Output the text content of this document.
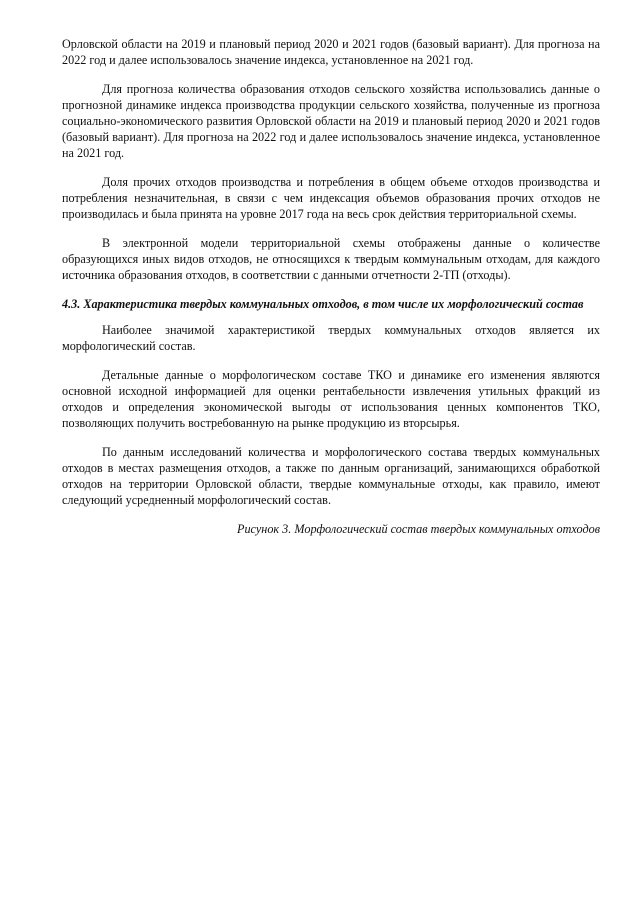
Орловской области на 2019 и плановый период 2020 и 2021 годов (базовый вариант). Для прогноза на 2022 год и далее использовалось значение индекса, установленное на 2021 год.

Для прогноза количества образования отходов сельского хозяйства использовались данные о прогнозной динамике индекса производства продукции сельского хозяйства, полученные из прогноза социально-экономического развития Орловской области на 2019 и плановый период 2020 и 2021 годов (базовый вариант). Для прогноза на 2022 год и далее использовалось значение индекса, установленное на 2021 год.

Доля прочих отходов производства и потребления в общем объеме отходов производства и потребления незначительная, в связи с чем индексация объемов образования прочих отходов не производилась и была принята на уровне 2017 года на весь срок действия территориальной схемы.

В электронной модели территориальной схемы отображены данные о количестве образующихся иных видов отходов, не относящихся к твердым коммунальным отходам, для каждого источника образования отходов, в соответствии с данными отчетности 2-ТП (отходы).

4.3. Характеристика твердых коммунальных отходов, в том числе их морфологический состав

Наиболее значимой характеристикой твердых коммунальных отходов является их морфологический состав.

Детальные данные о морфологическом составе ТКО и динамике его изменения являются основной исходной информацией для оценки рентабельности извлечения утильных фракций из отходов и определения экономической выгоды от использования ценных компонентов ТКО, позволяющих получить востребованную на рынке продукцию из вторсырья.

По данным исследований количества и морфологического состава твердых коммунальных отходов в местах размещения отходов, а также по данным организаций, занимающихся обработкой отходов на территории Орловской области, твердые коммунальные отходы, как правило, имеют следующий усредненный морфологический состав.

Рисунок 3. Морфологический состав твердых коммунальных отходов
